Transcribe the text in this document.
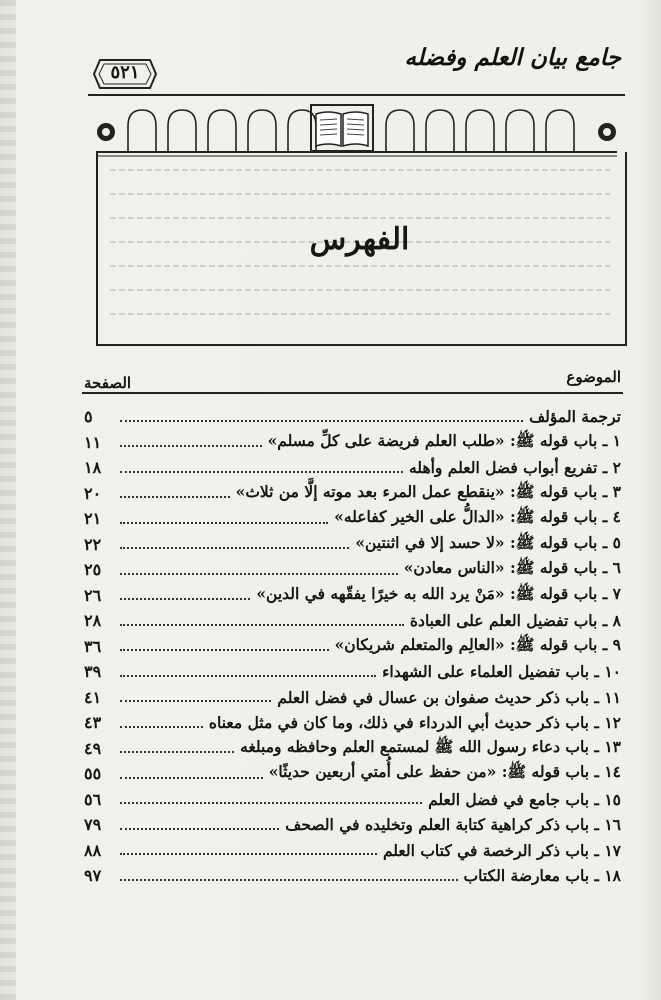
جامع بيان العلم وفضله
٥٢١
الفهرس
الموضوع
الصفحة
ترجمة المؤلف
٥
١ ـ باب قوله ﷺ: «طلب العلم فريضة على كلِّ مسلم»
١١
٢ ـ تفريع أبواب فضل العلم وأهله
١٨
٣ ـ باب قوله ﷺ: «ينقطع عمل المرء بعد موته إلَّا من ثلاث»
٢٠
٤ ـ باب قوله ﷺ: «الدالُّ على الخير كفاعله»
٢١
٥ ـ باب قوله ﷺ: «لا حسد إلا في اثنتين»
٢٢
٦ ـ باب قوله ﷺ: «الناس معادن»
٢٥
٧ ـ باب قوله ﷺ: «مَنْ يرد الله به خيرًا يفقّهه في الدين»
٢٦
٨ ـ باب تفضيل العلم على العبادة
٢٨
٩ ـ باب قوله ﷺ: «العالِم والمتعلم شريكان»
٣٦
١٠ ـ باب تفضيل العلماء على الشهداء
٣٩
١١ ـ باب ذكر حديث صفوان بن عسال في فضل العلم
٤١
١٢ ـ باب ذكر حديث أبي الدرداء في ذلك، وما كان في مثل معناه
٤٣
١٣ ـ باب دعاء رسول الله ﷺ لمستمع العلم وحافظه ومبلغه
٤٩
١٤ ـ باب قوله ﷺ: «من حفظ على أُمتي أربعين حديثًا»
٥٥
١٥ ـ باب جامع في فضل العلم
٥٦
١٦ ـ باب ذكر كراهية كتابة العلم وتخليده في الصحف
٧٩
١٧ ـ باب ذكر الرخصة في كتاب العلم
٨٨
١٨ ـ باب معارضة الكتاب
٩٧
